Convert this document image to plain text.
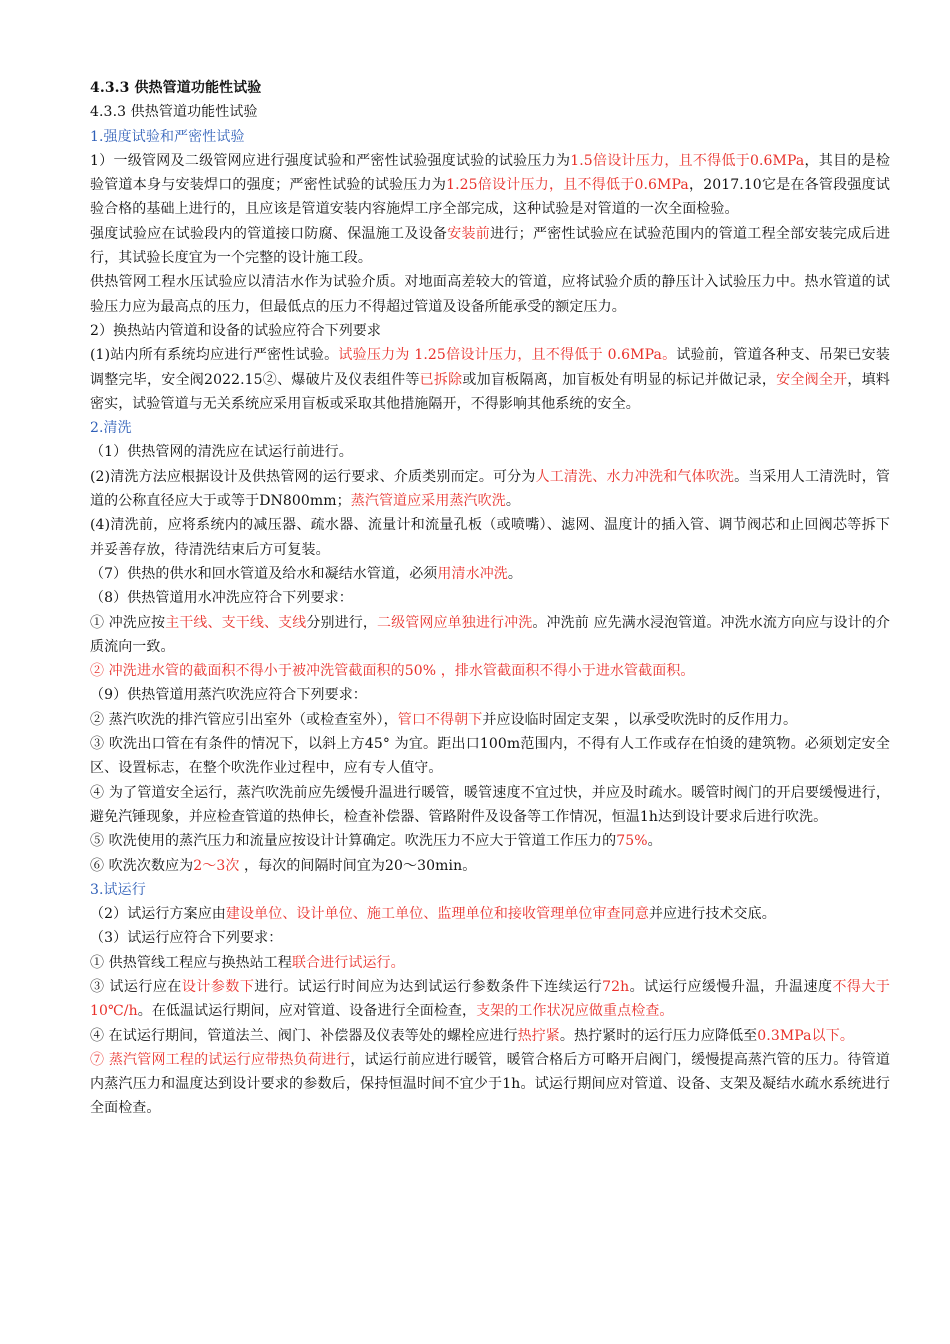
4.3.3 供热管道功能性试验
4.3.3 供热管道功能性试验
1.强度试验和严密性试验
1）一级管网及二级管网应进行强度试验和严密性试验强度试验的试验压力为1.5倍设计压力，且不得低于0.6MPa，其目的是检验管道本身与安装焊口的强度；严密性试验的试验压力为1.25倍设计压力，且不得低于0.6MPa，2017.10它是在各管段强度试验合格的基础上进行的，且应该是管道安装内容施焊工序全部完成，这种试验是对管道的一次全面检验。
强度试验应在试验段内的管道接口防腐、保温施工及设备安装前进行；严密性试验应在试验范围内的管道工程全部安装完成后进行，其试验长度宜为一个完整的设计施工段。
供热管网工程水压试验应以清洁水作为试验介质。对地面高差较大的管道，应将试验介质的静压计入试验压力中。热水管道的试验压力应为最高点的压力，但最低点的压力不得超过管道及设备所能承受的额定压力。
2）换热站内管道和设备的试验应符合下列要求
(1)站内所有系统均应进行严密性试验。试验压力为 1.25倍设计压力，且不得低于 0.6MPa。试验前，管道各种支、吊架已安装调整完毕，安全阀2022.15②、爆破片及仪表组件等已拆除或加盲板隔离，加盲板处有明显的标记并做记录，安全阀全开，填料密实，试验管道与无关系统应采用盲板或采取其他措施隔开，不得影响其他系统的安全。
2.清洗
（1）供热管网的清洗应在试运行前进行。
(2)清洗方法应根据设计及供热管网的运行要求、介质类别而定。可分为人工清洗、水力冲洗和气体吹洗。当采用人工清洗时，管道的公称直径应大于或等于DN800mm；蒸汽管道应采用蒸汽吹洗。
(4)清洗前，应将系统内的减压器、疏水器、流量计和流量孔板（或喷嘴）、滤网、温度计的插入管、调节阀芯和止回阀芯等拆下并妥善存放，待清洗结束后方可复装。
（7）供热的供水和回水管道及给水和凝结水管道，必须用清水冲洗。
（8）供热管道用水冲洗应符合下列要求：
① 冲洗应按主干线、支干线、支线分别进行，二级管网应单独进行冲洗。冲洗前 应先满水浸泡管道。冲洗水流方向应与设计的介质流向一致。
② 冲洗进水管的截面积不得小于被冲洗管截面积的50% ，排水管截面积不得小于进水管截面积。
（9）供热管道用蒸汽吹洗应符合下列要求：
② 蒸汽吹洗的排汽管应引出室外（或检查室外），管口不得朝下并应设临时固定支架 ，以承受吹洗时的反作用力。
③ 吹洗出口管在有条件的情况下，以斜上方45° 为宜。距出口100m范围内，不得有人工作或存在怕烫的建筑物。必须划定安全区、设置标志，在整个吹洗作业过程中，应有专人值守。
④ 为了管道安全运行，蒸汽吹洗前应先缓慢升温进行暖管，暖管速度不宜过快，并应及时疏水。暖管时阀门的开启要缓慢进行，避免汽锤现象，并应检查管道的热伸长，检查补偿器、管路附件及设备等工作情况，恒温1h达到设计要求后进行吹洗。
⑤ 吹洗使用的蒸汽压力和流量应按设计计算确定。吹洗压力不应大于管道工作压力的75%。
⑥ 吹洗次数应为2～3次 ，每次的间隔时间宜为20～30min。
3.试运行
（2）试运行方案应由建设单位、设计单位、施工单位、监理单位和接收管理单位审查同意并应进行技术交底。
（3）试运行应符合下列要求：
① 供热管线工程应与换热站工程联合进行试运行。
③ 试运行应在设计参数下进行。试运行时间应为达到试运行参数条件下连续运行72h。试运行应缓慢升温，升温速度不得大于10℃/h。在低温试运行期间，应对管道、设备进行全面检查，支架的工作状况应做重点检查。
④ 在试运行期间，管道法兰、阀门、补偿器及仪表等处的螺栓应进行热拧紧。热拧紧时的运行压力应降低至0.3MPa以下。
⑦ 蒸汽管网工程的试运行应带热负荷进行，试运行前应进行暖管，暖管合格后方可略开启阀门，缓慢提高蒸汽管的压力。待管道内蒸汽压力和温度达到设计要求的参数后，保持恒温时间不宜少于1h。试运行期间应对管道、设备、支架及凝结水疏水系统进行全面检查。
